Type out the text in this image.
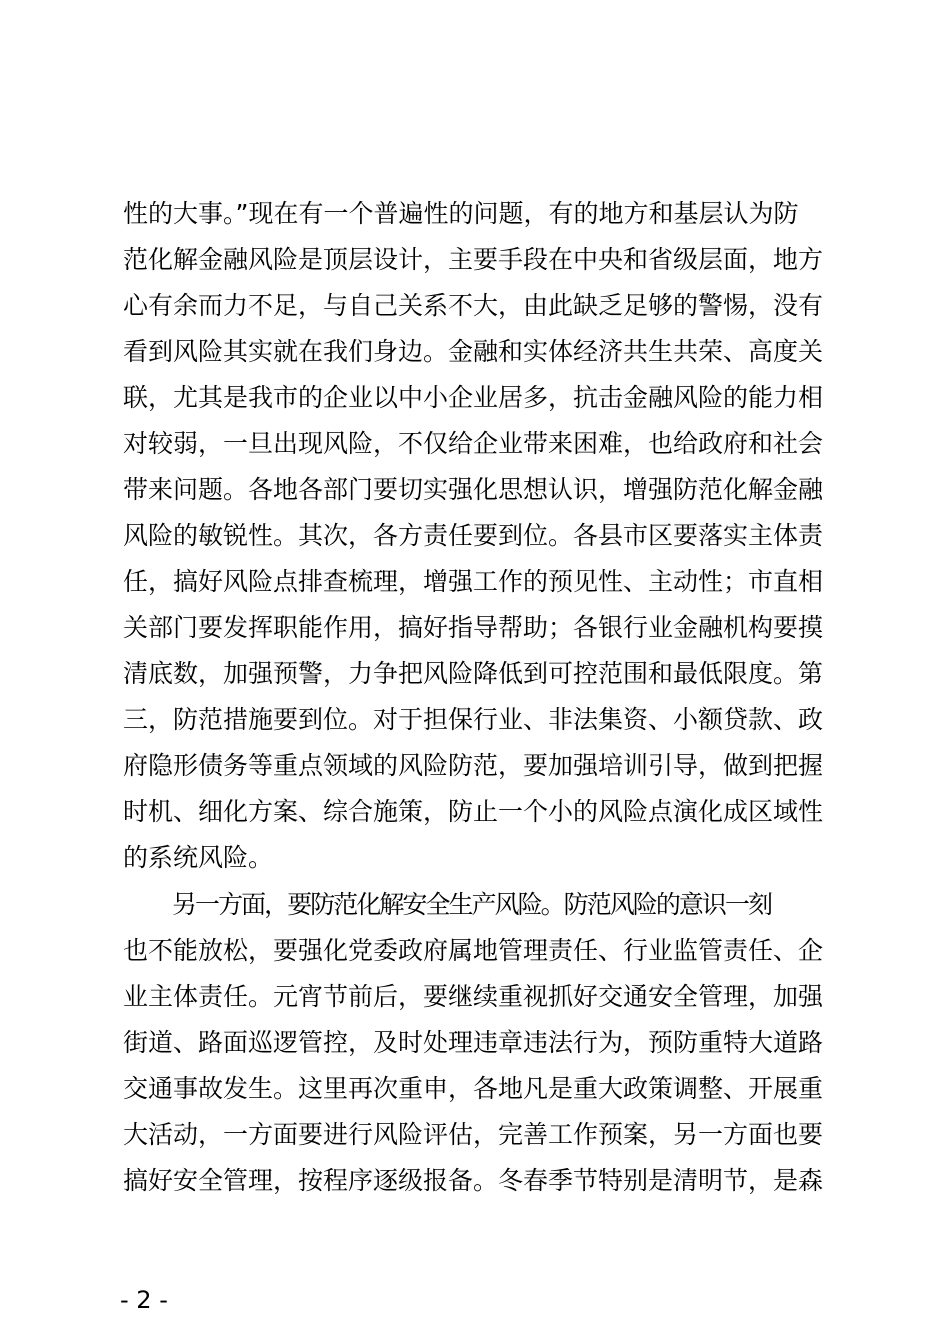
性的大事。”现在有一个普遍性的问题，有的地方和基层认为防
范化解金融风险是顶层设计，主要手段在中央和省级层面，地方
心有余而力不足，与自己关系不大，由此缺乏足够的警惕，没有
看到风险其实就在我们身边。金融和实体经济共生共荣、高度关
联，尤其是我市的企业以中小企业居多，抗击金融风险的能力相
对较弱，一旦出现风险，不仅给企业带来困难，也给政府和社会
带来问题。各地各部门要切实强化思想认识，增强防范化解金融
风险的敏锐性。其次，各方责任要到位。各县市区要落实主体责
任，搞好风险点排查梳理，增强工作的预见性、主动性；市直相
关部门要发挥职能作用，搞好指导帮助；各银行业金融机构要摸
清底数，加强预警，力争把风险降低到可控范围和最低限度。第
三，防范措施要到位。对于担保行业、非法集资、小额贷款、政
府隐形债务等重点领域的风险防范，要加强培训引导，做到把握
时机、细化方案、综合施策，防止一个小的风险点演化成区域性
的系统风险。
另一方面，要防范化解安全生产风险。防范风险的意识一刻
也不能放松，要强化党委政府属地管理责任、行业监管责任、企
业主体责任。元宵节前后，要继续重视抓好交通安全管理，加强
街道、路面巡逻管控，及时处理违章违法行为，预防重特大道路
交通事故发生。这里再次重申，各地凡是重大政策调整、开展重
大活动，一方面要进行风险评估，完善工作预案，另一方面也要
搞好安全管理，按程序逐级报备。冬春季节特别是清明节，是森
- 2 -
